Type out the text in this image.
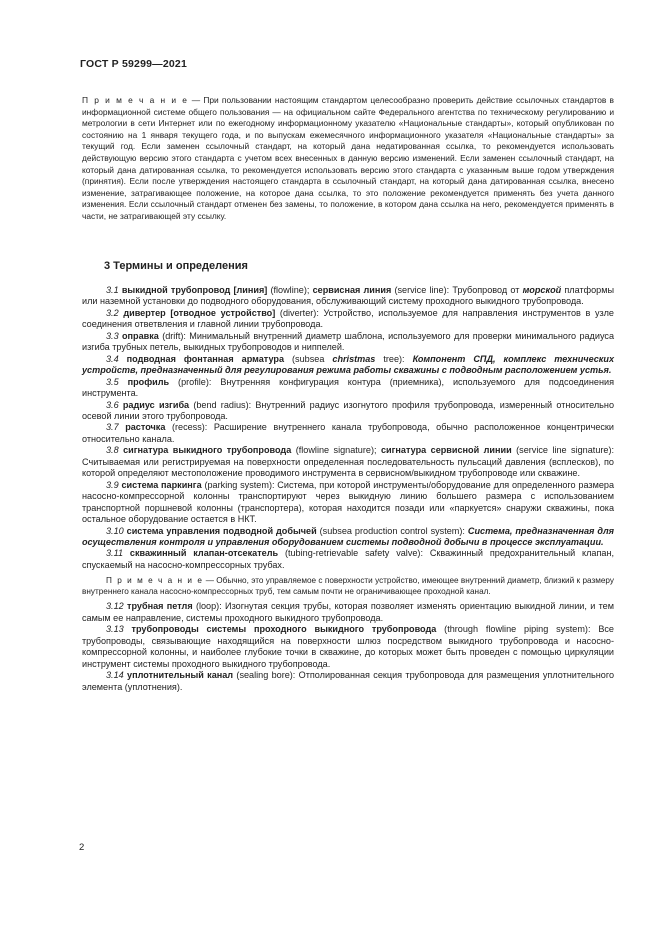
ГОСТ Р 59299—2021
П р и м е ч а н и е — При пользовании настоящим стандартом целесообразно проверить действие ссылочных стандартов в информационной системе общего пользования — на официальном сайте Федерального агентства по техническому регулированию и метрологии в сети Интернет или по ежегодному информационному указателю «Национальные стандарты», который опубликован по состоянию на 1 января текущего года, и по выпускам ежемесячного информационного указателя «Национальные стандарты» за текущий год. Если заменен ссылочный стандарт, на который дана недатированная ссылка, то рекомендуется использовать действующую версию этого стандарта с учетом всех внесенных в данную версию изменений. Если заменен ссылочный стандарт, на который дана датированная ссылка, то рекомендуется использовать версию этого стандарта с указанным выше годом утверждения (принятия). Если после утверждения настоящего стандарта в ссылочный стандарт, на который дана датированная ссылка, внесено изменение, затрагивающее положение, на которое дана ссылка, то это положение рекомендуется применять без учета данного изменения. Если ссылочный стандарт отменен без замены, то положение, в котором дана ссылка на него, рекомендуется применять в части, не затрагивающей эту ссылку.
3 Термины и определения

3.1 выкидной трубопровод [линия] (flowline); сервисная линия (service line): Трубопровод от морской платформы или наземной установки до подводного оборудования, обслуживающий систему проходного выкидного трубопровода.

3.2 дивертер [отводное устройство] (diverter): Устройство, используемое для направления инструментов в узле соединения ответвления и главной линии трубопровода.

3.3 оправка (drift): Минимальный внутренний диаметр шаблона, используемого для проверки минимального радиуса изгиба трубных петель, выкидных трубопроводов и ниппелей.

3.4 подводная фонтанная арматура (subsea christmas tree): Компонент СПД, комплекс технических устройств, предназначенный для регулирования режима работы скважины с подводным расположением устья.

3.5 профиль (profile): Внутренняя конфигурация контура (приемника), используемого для подсоединения инструмента.

3.6 радиус изгиба (bend radius): Внутренний радиус изогнутого профиля трубопровода, измеренный относительно осевой линии этого трубопровода.

3.7 расточка (recess): Расширение внутреннего канала трубопровода, обычно расположенное концентрически относительно канала.

3.8 сигнатура выкидного трубопровода (flowline signature); сигнатура сервисной линии (service line signature): Считываемая или регистрируемая на поверхности определенная последовательность пульсаций давления (всплесков), по которой определяют местоположение проводимого инструмента в сервисном/выкидном трубопроводе или скважине.

3.9 система паркинга (parking system): Система, при которой инструменты/оборудование для определенного размера насосно-компрессорной колонны транспортируют через выкидную линию большего размера с использованием транспортной поршневой колонны (транспортера), которая находится позади или «паркуется» снаружи скважины, пока остальное оборудование остается в НКТ.

3.10 система управления подводной добычей (subsea production control system): Система, предназначенная для осуществления контроля и управления оборудованием системы подводной добычи в процессе эксплуатации.

3.11 скважинный клапан-отсекатель (tubing-retrievable safety valve): Скважинный предохранительный клапан, спускаемый на насосно-компрессорных трубах.

П р и м е ч а н и е — Обычно, это управляемое с поверхности устройство, имеющее внутренний диаметр, близкий к размеру внутреннего канала насосно-компрессорных труб, тем самым почти не ограничивающее проходной канал.

3.12 трубная петля (loop): Изогнутая секция трубы, которая позволяет изменять ориентацию выкидной линии, и тем самым ее направление, системы проходного выкидного трубопровода.

3.13 трубопроводы системы проходного выкидного трубопровода (through flowline piping system): Все трубопроводы, связывающие находящийся на поверхности шлюз посредством выкидного трубопровода и насосно-компрессорной колонны, и наиболее глубокие точки в скважине, до которых может быть проведен с помощью циркуляции инструмент системы проходного выкидного трубопровода.

3.14 уплотнительный канал (sealing bore): Отполированная секция трубопровода для размещения уплотнительного элемента (уплотнения).

2
